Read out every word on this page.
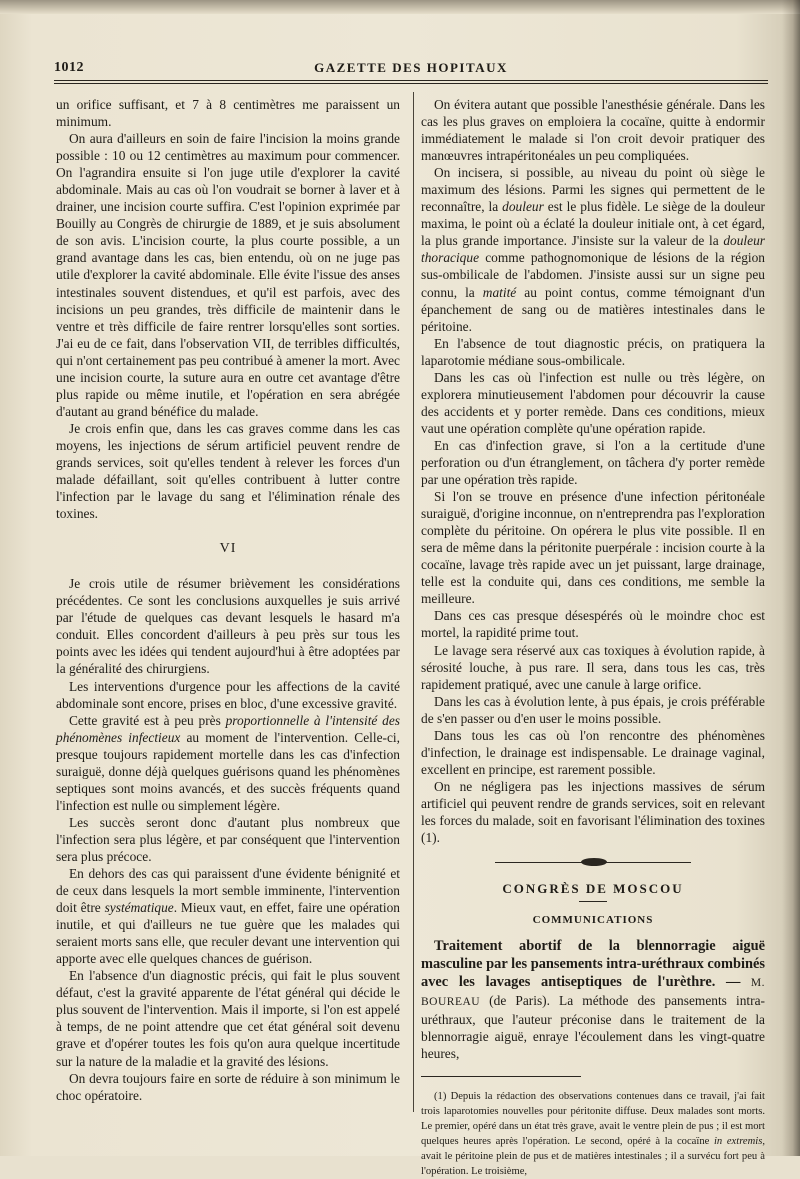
1012	GAZETTE DES HOPITAUX

un orifice suffisant, et 7 à 8 centimètres me paraissent un minimum.

On aura d'ailleurs en soin de faire l'incision la moins grande possible : 10 ou 12 centimètres au maximum pour commencer. On l'agrandira ensuite si l'on juge utile d'explorer la cavité abdominale. Mais au cas où l'on voudrait se borner à laver et à drainer, une incision courte suffira. C'est l'opinion exprimée par Bouilly au Congrès de chirurgie de 1889, et je suis absolument de son avis. L'incision courte, la plus courte possible, a un grand avantage dans les cas, bien entendu, où on ne juge pas utile d'explorer la cavité abdominale. Elle évite l'issue des anses intestinales souvent distendues, et qu'il est parfois, avec des incisions un peu grandes, très difficile de maintenir dans le ventre et très difficile de faire rentrer lorsqu'elles sont sorties. J'ai eu de ce fait, dans l'observation VII, de terribles difficultés, qui n'ont certainement pas peu contribué à amener la mort. Avec une incision courte, la suture aura en outre cet avantage d'être plus rapide ou même inutile, et l'opération en sera abrégée d'autant au grand bénéfice du malade.

Je crois enfin que, dans les cas graves comme dans les cas moyens, les injections de sérum artificiel peuvent rendre de grands services, soit qu'elles tendent à relever les forces d'un malade défaillant, soit qu'elles contribuent à lutter contre l'infection par le lavage du sang et l'élimination rénale des toxines.

VI

Je crois utile de résumer brièvement les considérations précédentes. Ce sont les conclusions auxquelles je suis arrivé par l'étude de quelques cas devant lesquels le hasard m'a conduit. Elles concordent d'ailleurs à peu près sur tous les points avec les idées qui tendent aujourd'hui à être adoptées par la généralité des chirurgiens.

Les interventions d'urgence pour les affections de la cavité abdominale sont encore, prises en bloc, d'une excessive gravité.

Cette gravité est à peu près proportionnelle à l'intensité des phénomènes infectieux au moment de l'intervention. Celle-ci, presque toujours rapidement mortelle dans les cas d'infection suraiguë, donne déjà quelques guérisons quand les phénomènes septiques sont moins avancés, et des succès fréquents quand l'infection est nulle ou simplement légère.

Les succès seront donc d'autant plus nombreux que l'infection sera plus légère, et par conséquent que l'intervention sera plus précoce.

En dehors des cas qui paraissent d'une évidente bénignité et de ceux dans lesquels la mort semble imminente, l'intervention doit être systématique. Mieux vaut, en effet, faire une opération inutile, et qui d'ailleurs ne tue guère que les malades qui seraient morts sans elle, que reculer devant une intervention qui apporte avec elle quelques chances de guérison.

En l'absence d'un diagnostic précis, qui fait le plus souvent défaut, c'est la gravité apparente de l'état général qui décide le plus souvent de l'intervention. Mais il importe, si l'on est appelé à temps, de ne point attendre que cet état général soit devenu grave et d'opérer toutes les fois qu'on aura quelque incertitude sur la nature de la maladie et la gravité des lésions.

On devra toujours faire en sorte de réduire à son minimum le choc opératoire.

On évitera autant que possible l'anesthésie générale. Dans les cas les plus graves on emploiera la cocaïne, quitte à endormir immédiatement le malade si l'on croit devoir pratiquer des manœuvres intrapéritonéales un peu compliquées.

On incisera, si possible, au niveau du point où siège le maximum des lésions. Parmi les signes qui permettent de le reconnaître, la douleur est le plus fidèle. Le siège de la douleur maxima, le point où a éclaté la douleur initiale ont, à cet égard, la plus grande importance. J'insiste sur la valeur de la douleur thoracique comme pathognomonique de lésions de la région sus-ombilicale de l'abdomen. J'insiste aussi sur un signe peu connu, la matité au point contus, comme témoignant d'un épanchement de sang ou de matières intestinales dans le péritoine.

En l'absence de tout diagnostic précis, on pratiquera la laparotomie médiane sous-ombilicale.

Dans les cas où l'infection est nulle ou très légère, on explorera minutieusement l'abdomen pour découvrir la cause des accidents et y porter remède. Dans ces conditions, mieux vaut une opération complète qu'une opération rapide.

En cas d'infection grave, si l'on a la certitude d'une perforation ou d'un étranglement, on tâchera d'y porter remède par une opération très rapide.

Si l'on se trouve en présence d'une infection péritonéale suraiguë, d'origine inconnue, on n'entreprendra pas l'exploration complète du péritoine. On opérera le plus vite possible. Il en sera de même dans la péritonite puerpérale : incision courte à la cocaïne, lavage très rapide avec un jet puissant, large drainage, telle est la conduite qui, dans ces conditions, me semble la meilleure.

Dans ces cas presque désespérés où le moindre choc est mortel, la rapidité prime tout.

Le lavage sera réservé aux cas toxiques à évolution rapide, à sérosité louche, à pus rare. Il sera, dans tous les cas, très rapidement pratiqué, avec une canule à large orifice.

Dans les cas à évolution lente, à pus épais, je crois préférable de s'en passer ou d'en user le moins possible.

Dans tous les cas où l'on rencontre des phénomènes d'infection, le drainage est indispensable. Le drainage vaginal, excellent en principe, est rarement possible.

On ne négligera pas les injections massives de sérum artificiel qui peuvent rendre de grands services, soit en relevant les forces du malade, soit en favorisant l'élimination des toxines (1).

CONGRÈS DE MOSCOU
COMMUNICATIONS

Traitement abortif de la blennorragie aiguë masculine par les pansements intra-uréthraux combinés avec les lavages antiseptiques de l'urèthre. — M. BOUREAU (de Paris). La méthode des pansements intra-uréthraux, que l'auteur préconise dans le traitement de la blennorragie aiguë, enraye l'écoulement dans les vingt-quatre heures,

(1) Depuis la rédaction des observations contenues dans ce travail, j'ai fait trois laparotomies nouvelles pour péritonite diffuse. Deux malades sont morts. Le premier, opéré dans un état très grave, avait le ventre plein de pus ; il est mort quelques heures après l'opération. Le second, opéré à la cocaïne in extremis, avait le péritoine plein de pus et de matières intestinales ; il a survécu fort peu à l'opération. Le troisième,
